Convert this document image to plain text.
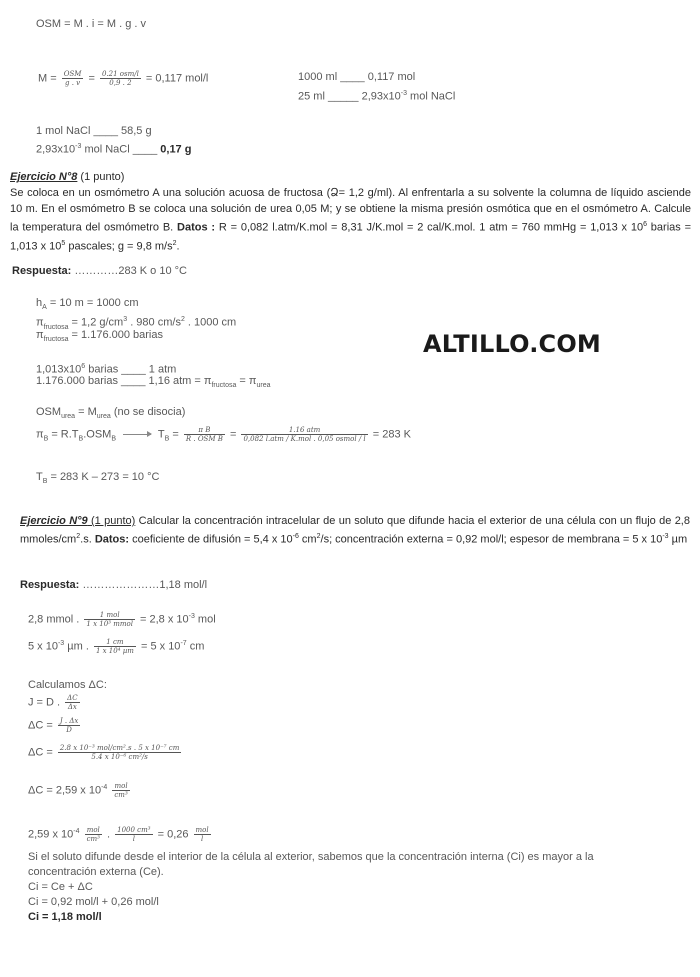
OSM = M . i = M . g . v
$M = \frac{\text{OSM}}{g . v} = \frac{\text{0.21 osm/l}}{0,9 . 2} = 0,117$ mol/l	1000 ml ____ 0,117 mol
25 ml _____ $2,93x10^{-3}$ mol NaCl
1 mol NaCl ____ 58,5 g
$2,93x10^{-3}$ mol NaCl ____ 0,17 g
Ejercicio N°8 (1 punto)
Se coloca en un osmómetro A una solución acuosa de fructosa (Ձ= 1,2 g/ml). Al enfrentarla a su solvente la columna de líquido asciende 10 m. En el osmómetro B se coloca una solución de urea 0,05 M; y se obtiene la misma presión osmótica que en el osmómetro A. Calcule la temperatura del osmómetro B. Datos : R = 0,082 l.atm/K.mol = 8,31 J/K.mol = 2 cal/K.mol. 1 atm = 760 mmHg = 1,013 x $10^6$ barias = 1,013 x $10^5$ pascales; g = 9,8 $m/s^2$.
Respuesta: …………283 K o 10 °C
$h_A = 10$ m = 1000 cm
$\pi_{fructosa} = 1,2$ $g/cm^3$ . 980 $cm/s^2$ . 1000 cm
$\pi_{fructosa} = 1.176.000$ barias	ALTILLO.COM
$1,013x10^6$ barias ____ 1 atm
1.176.000 barias ____ 1,16 atm = $\pi_{fructosa} = \pi_{urea}$
$OSM_{urea} = M_{urea}$ (no se disocia)
$\pi_B = R.T_B.OSM_B$	$T_B = \frac{\text{π B}}{\text{R . OSM B}} = \frac{\text{1.16 atm}}{\text{0,082 l.atm / K.mol . 0,05 osmol / l}} = 283$ K
$T_B = 283$ K – 273 = 10 °C
Ejercicio N°9 (1 punto) Calcular la concentración intracelular de un soluto que difunde hacia el exterior de una célula con un flujo de 2,8 mmoles/$cm^2.s$. Datos: coeficiente de difusión = 5,4 x $10^{-6}$ $cm^2/s$; concentración externa = 0,92 mol/l; espesor de membrana = 5 x $10^{-3}$ µm
Respuesta: …………………1,18 mol/l
2,8 mmol . $\frac{\text{1 mol}}{\text{1 x 10³ mmol}} = 2,8$ x $10^{-3}$ mol
5 x $10^{-3}$ µm . $\frac{1 cm}{\text{1 x 10⁴ µm}} = 5$ x $10^{-7}$ cm
Calculamos ΔC:
J = D . $\frac{\Delta C}{\Delta x}$
$\Delta C = \frac{J . \Delta x}{D}$
$\Delta C = \frac{\text{2.8 x 10⁻³ mol/cm².s . 5 x 10⁻⁷ cm}}{\text{5.4 x 10⁻⁶ cm²/s}}$
ΔC = 2,59 x $10^{-4} \frac{\text{mol}}{\text{cm³}}$
2,59 x $10^{-4} \frac{\text{mol}}{\text{cm³}}$ . $\frac{\text{1000 cm³}}{l} = 0,26 \frac{\text{mol}}{l}$
Si el soluto difunde desde el interior de la célula al exterior, sabemos que la concentración interna (Ci) es mayor a la
concentración externa (Ce).
Ci = Ce + ΔC
Ci = 0,92 mol/l + 0,26 mol/l
Ci = 1,18 mol/l
